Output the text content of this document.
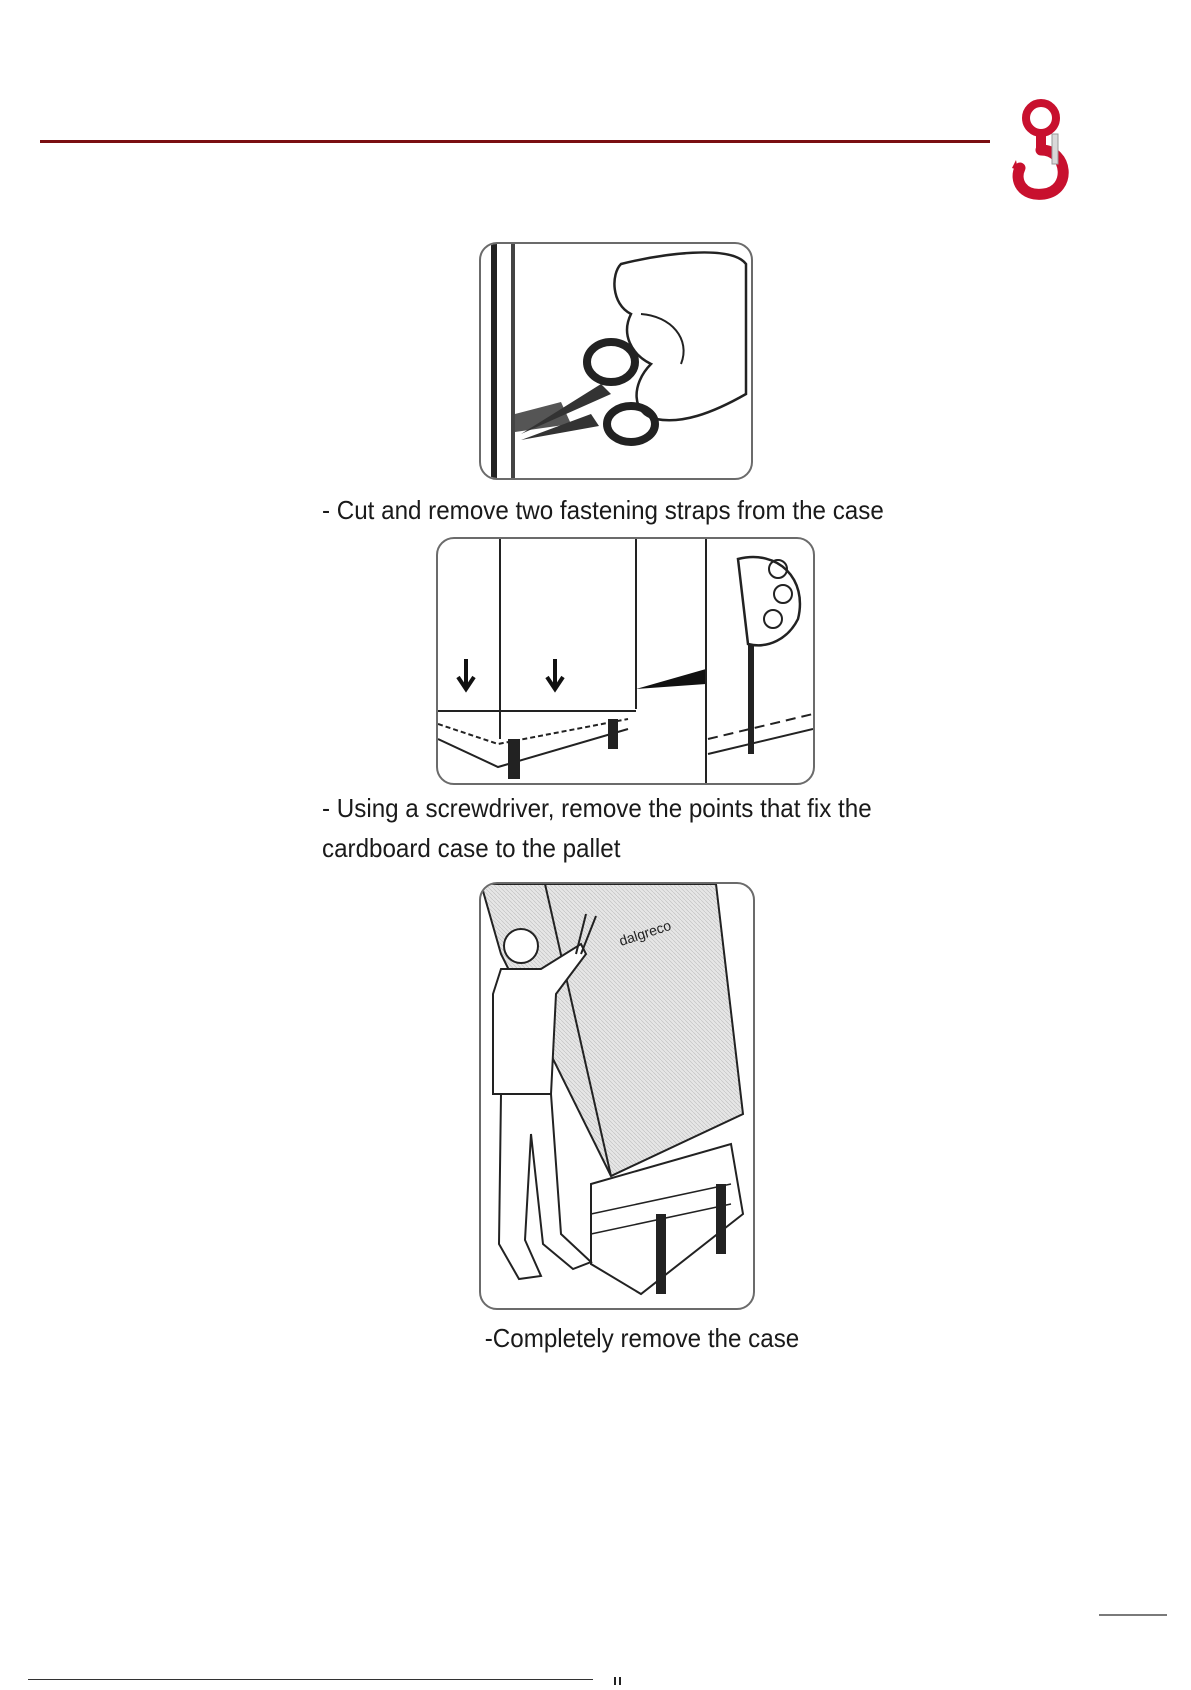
- Cut and remove two fastening straps from the case
- Using a screwdriver, remove the points that fix the
cardboard case to the pallet
dalgreco
-Completely remove the case
